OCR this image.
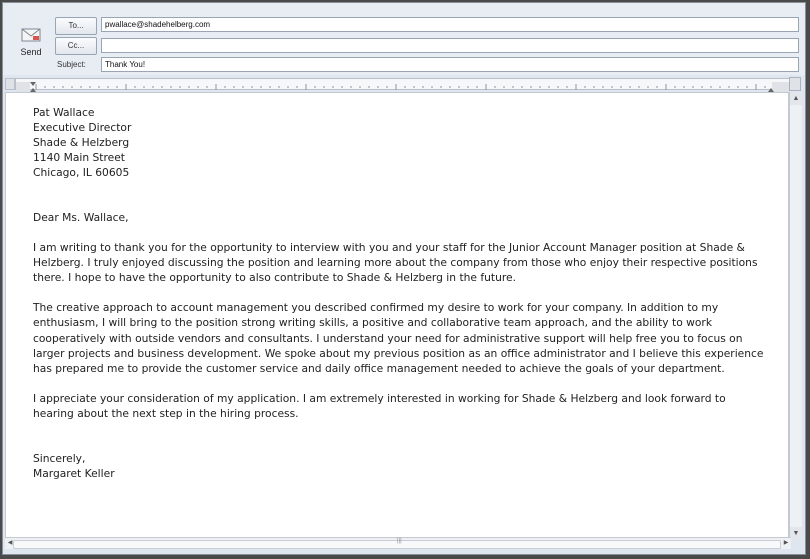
Send
To...	pwallace@shadehelberg.com
Cc...
Subject:	Thank You!

Pat Wallace

Executive Director

Shade & Helzberg

1140 Main Street

Chicago, IL 60605

Dear Ms. Wallace,

I am writing to thank you for the opportunity to interview with you and your staff for the Junior Account Manager position at Shade & Helzberg. I truly enjoyed discussing the position and learning more about the company from those who enjoy their respective positions there. I hope to have the opportunity to also contribute to Shade & Helzberg in the future.

The creative approach to account management you described confirmed my desire to work for your company. In addition to my enthusiasm, I will bring to the position strong writing skills, a positive and collaborative team approach, and the ability to work cooperatively with outside vendors and consultants. I understand your need for administrative support will help free you to focus on larger projects and business development. We spoke about my previous position as an office administrator and I believe this experience has prepared me to provide the customer service and daily office management needed to achieve the goals of your department.

I appreciate your consideration of my application. I am extremely interested in working for Shade & Helzberg and look forward to hearing about the next step in the hiring process.

Sincerely,

Margaret Keller

▲
▼
◀	|||	▶
